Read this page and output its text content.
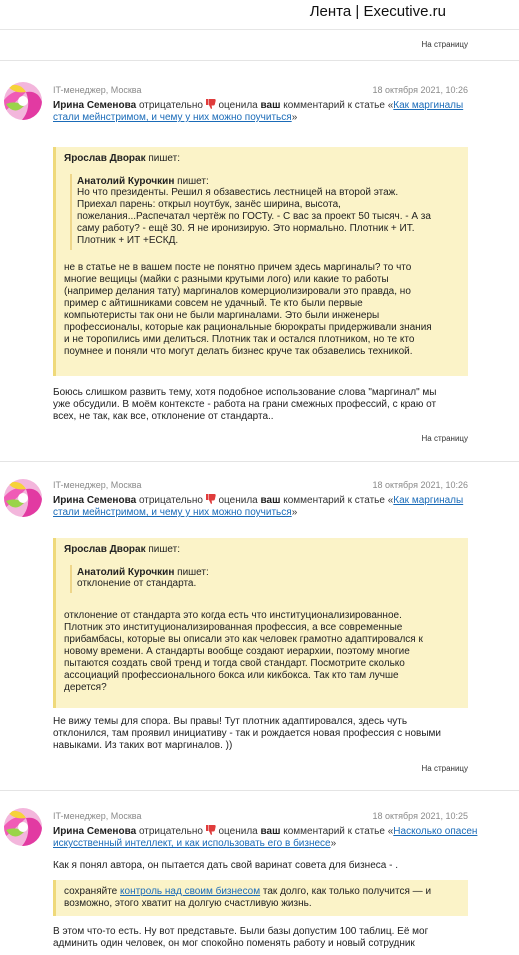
Лента | Executive.ru
На страницу
IT-менеджер, Москва	18 октября 2021, 10:26
Ирина Семенова отрицательно оценила ваш комментарий к статье «Как маргиналы стали мейнстримом, и чему у них можно поучиться»
Ярослав Дворак пишет:
Анатолий Курочкин пишет:
Но что президенты. Решил я обзавестись лестницей на второй этаж.
Приехал парень: открыл ноутбук, занёс ширина, высота,
пожелания...Распечатал чертёж по ГОСТу. - С вас за проект 50 тысяч. - А за
саму работу? - ещё 30. Я не иронизирую. Это нормально. Плотник + ИТ.
Плотник + ИТ +ЕСКД.
не в статье не в вашем посте не понятно причем здесь маргиналы? то что
многие вещицы (майки с разными крутыми лого) или какие то работы
(например делания тату) маргиналов комерциолизировали это правда, но
пример с айтишниками совсем не удачный. Те кто были первые
компьютеристы так они не были маргиналами. Это были инженеры
профессионалы, которые как рациональные бюрократы придерживали знания
и не торопились ими делиться. Плотник так и остался плотником, но те кто
поумнее и поняли что могут делать бизнес круче так обзавелись техникой.
Боюсь слишком развить тему, хотя подобное использование слова "маргинал" мы
уже обсудили. В моём контексте - работа на грани смежных профессий, с краю от
всех, не так, как все, отклонение от стандарта..
На страницу
IT-менеджер, Москва	18 октября 2021, 10:26
Ирина Семенова отрицательно оценила ваш комментарий к статье «Как маргиналы стали мейнстримом, и чему у них можно поучиться»
Ярослав Дворак пишет:
Анатолий Курочкин пишет:
отклонение от стандарта.
отклонение от стандарта это когда есть что институционализированное.
Плотник это институционализированная профессия, а все современные
прибамбасы, которые вы описали это как человек грамотно адаптировался к
новому времени. А стандарты вообще создают иерархии, поэтому многие
пытаются создать свой тренд и тогда свой стандарт. Посмотрите сколько
ассоциаций профессионального бокса или кикбокса. Так кто там лучше
дерется?
Не вижу темы для спора. Вы правы! Тут плотник адаптировался, здесь чуть
отклонился, там проявил инициативу - так и рождается новая профессия с новыми
навыками. Из таких вот маргиналов. ))
На страницу
IT-менеджер, Москва	18 октября 2021, 10:25
Ирина Семенова отрицательно оценила ваш комментарий к статье «Насколько опасен искусственный интеллект, и как использовать его в бизнесе»
Как я понял автора, он пытается дать свой варинат совета для бизнеса - .
сохраняйте контроль над своим бизнесом так долго, как только получится — и
возможно, этого хватит на долгую счастливую жизнь.
В этом что-то есть. Ну вот представьте. Были базы допустим 100 таблиц. Её мог
админить один человек, он мог спокойно поменять работу и новый сотрудник
